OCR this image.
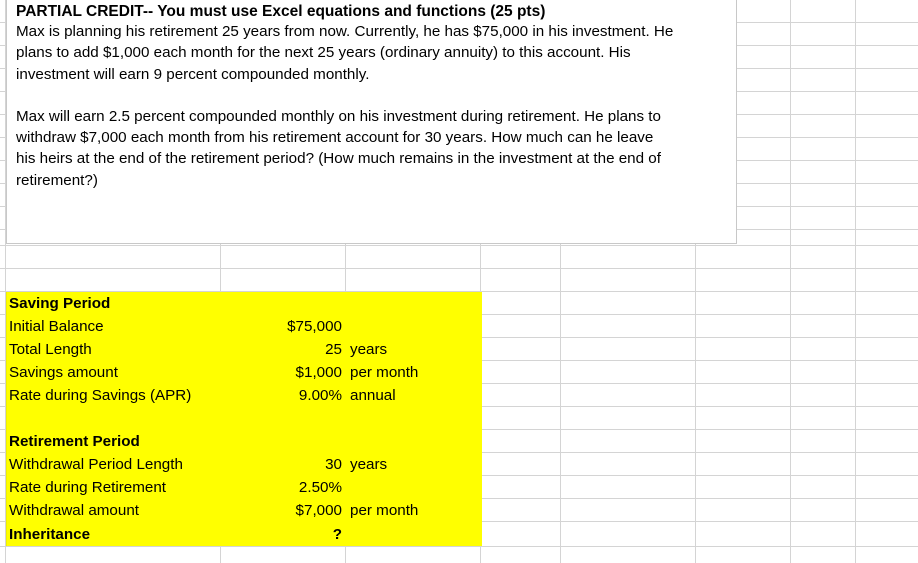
PARTIAL CREDIT-- You must use Excel equations and functions (25 pts)

Max is planning his retirement 25 years from now. Currently, he has $75,000 in his investment. He

plans to add $1,000 each month for the next 25 years (ordinary annuity) to this account. His

investment will earn 9 percent compounded monthly.

Max will earn 2.5 percent compounded monthly on his investment during retirement. He plans to

withdraw $7,000 each month from his retirement account for 30 years. How much can he leave

his heirs at the end of the retirement period? (How much remains in the investment at the end of

retirement?)

Saving Period
Initial Balance	$75,000
Total Length	25 years
Savings amount	$1,000 per month
Rate during Savings (APR)	9.00% annual
Retirement Period
Withdrawal Period Length	30 years
Rate during Retirement	2.50%
Withdrawal amount	$7,000 per month
Inheritance	?
